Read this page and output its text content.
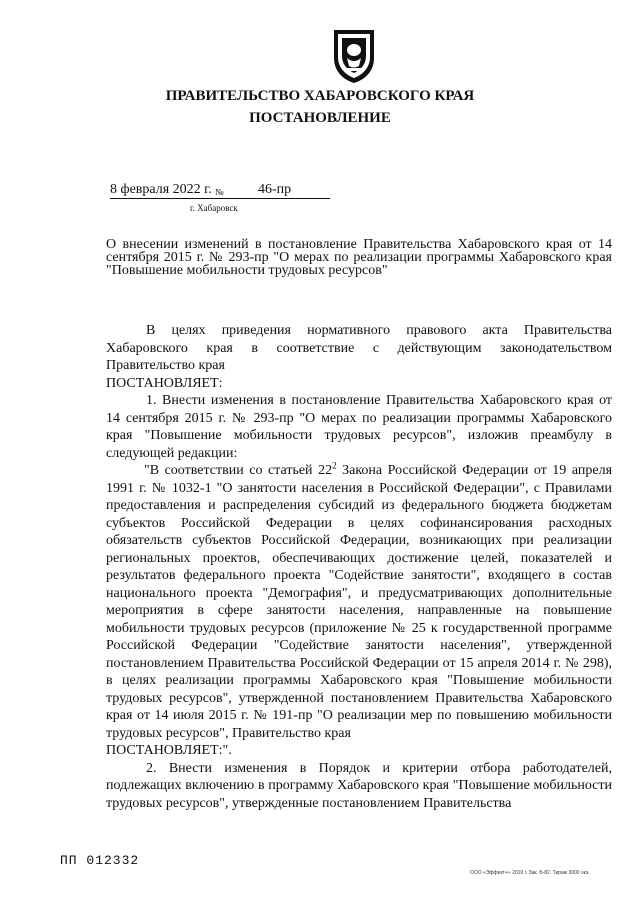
ПРАВИТЕЛЬСТВО ХАБАРОВСКОГО КРАЯ
ПОСТАНОВЛЕНИЕ
8 февраля 2022 г. № 46-пр
г. Хабаровск
О внесении изменений в постановление Правительства Хабаровского края от 14 сентября 2015 г. № 293-пр "О мерах по реализации программы Хабаровского края "Повышение мобильности трудовых ресурсов"

В целях приведения нормативного правового акта Правительства Хабаровского края в соответствие с действующим законодательством Правительство края

ПОСТАНОВЛЯЕТ:

1. Внести изменения в постановление Правительства Хабаровского края от 14 сентября 2015 г. № 293-пр "О мерах по реализации программы Хабаровского края "Повышение мобильности трудовых ресурсов", изложив преамбулу в следующей редакции:

"В соответствии со статьей $22^2$ Закона Российской Федерации от 19 апреля 1991 г. № 1032-1 "О занятости населения в Российской Федерации", с Правилами предоставления и распределения субсидий из федерального бюджета бюджетам субъектов Российской Федерации в целях софинансирования расходных обязательств субъектов Российской Федерации, возникающих при реализации региональных проектов, обеспечивающих достижение целей, показателей и результатов федерального проекта "Содействие занятости", входящего в состав национального проекта "Демография", и предусматривающих дополнительные мероприятия в сфере занятости населения, направленные на повышение мобильности трудовых ресурсов (приложение № 25 к государственной программе Российской Федерации "Содействие занятости населения", утвержденной постановлением Правительства Российской Федерации от 15 апреля 2014 г. № 298), в целях реализации программы Хабаровского края "Повышение мобильности трудовых ресурсов", утвержденной постановлением Правительства Хабаровского края от 14 июля 2015 г. № 191-пр "О реализации мер по повышению мобильности трудовых ресурсов", Правительство края

ПОСТАНОВЛЯЕТ:".

2. Внести изменения в Порядок и критерии отбора работодателей, подлежащих включению в программу Хабаровского края "Повышение мобильности трудовых ресурсов", утвержденные постановлением Правительства

ПП 012332
ООО «Эффект+» 2019 г. Зак. Б-82. Тираж 3000 экз.
